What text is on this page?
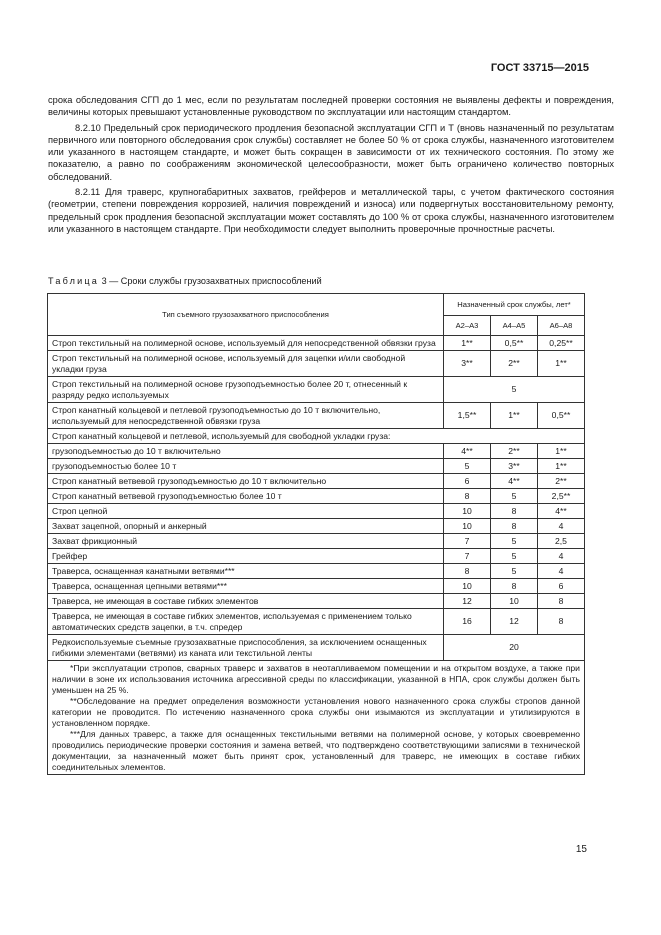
ГОСТ 33715—2015

срока обследования СГП до 1 мес, если по результатам последней проверки состояния не выявлены дефекты и повреждения, величины которых превышают установленные руководством по эксплуатации или настоящим стандартом.

8.2.10 Предельный срок периодического продления безопасной эксплуатации СГП и Т (вновь назначенный по результатам первичного или повторного обследования срок службы) составляет не более 50 % от срока службы, назначенного изготовителем или указанного в настоящем стандарте, и может быть сокращен в зависимости от их технического состояния. По этому же показателю, а равно по соображениям экономической целесообразности, может быть ограничено количество повторных обследований.

8.2.11 Для траверс, крупногабаритных захватов, грейферов и металлической тары, с учетом фактического состояния (геометрии, степени повреждения коррозией, наличия повреждений и износа) или подвергнутых восстановительному ремонту, предельный срок продления безопасной эксплуатации может составлять до 100 % от срока службы, назначенного изготовителем или указанного в настоящем стандарте. При необходимости следует выполнить проверочные прочностные расчеты.

Таблица 3 — Сроки службы грузозахватных приспособлений
Тип съемного грузозахватного приспособления	Назначенный срок службы, лет*		
	А2–А3	А4–А5	А6–А8
Строп текстильный на полимерной основе, используемый для непосредственной обвязки груза	1**	0,5**	0,25**
Строп текстильный на полимерной основе, используемый для зацепки и/или свободной укладки груза	3**	2**	1**
Строп текстильный на полимерной основе грузоподъемностью более 20 т, отнесенный к разряду редко используемых	5		
Строп канатный кольцевой и петлевой грузоподъемностью до 10 т включительно, используемый для непосредственной обвязки груза	1,5**	1**	0,5**
Строп канатный кольцевой и петлевой, используемый для свободной укладки груза:			
грузоподъемностью до 10 т включительно	4**	2**	1**
грузоподъемностью более 10 т	5	3**	1**
Строп канатный ветвевой грузоподъемностью до 10 т включительно	6	4**	2**
Строп канатный ветвевой грузоподъемностью более 10 т	8	5	2,5**
Строп цепной	10	8	4**
Захват зацепной, опорный и анкерный	10	8	4
Захват фрикционный	7	5	2,5
Грейфер	7	5	4
Траверса, оснащенная канатными ветвями***	8	5	4
Траверса, оснащенная цепными ветвями***	10	8	6
Траверса, не имеющая в составе гибких элементов	12	10	8
Траверса, не имеющая в составе гибких элементов, используемая с применением только автоматических средств зацепки, в т.ч. спредер	16	12	8
Редкоиспользуемые съемные грузозахватные приспособления, за исключением оснащенных гибкими элементами (ветвями) из каната или текстильной ленты	20		

*При эксплуатации стропов, сварных траверс и захватов в неотапливаемом помещении и на открытом воздухе, а также при наличии в зоне их использования источника агрессивной среды по классификации, указанной в НПА, срок службы должен быть уменьшен на 25 %.

**Обследование на предмет определения возможности установления нового назначенного срока службы стропов данной категории не проводится. По истечению назначенного срока службы они изымаются из эксплуатации и утилизируются в установленном порядке.

***Для данных траверс, а также для оснащенных текстильными ветвями на полимерной основе, у которых своевременно проводились периодические проверки состояния и замена ветвей, что подтверждено соответствующими записями в технической документации, за назначенный может быть принят срок, установленный для траверс, не имеющих в составе гибких соединительных элементов.			

15
